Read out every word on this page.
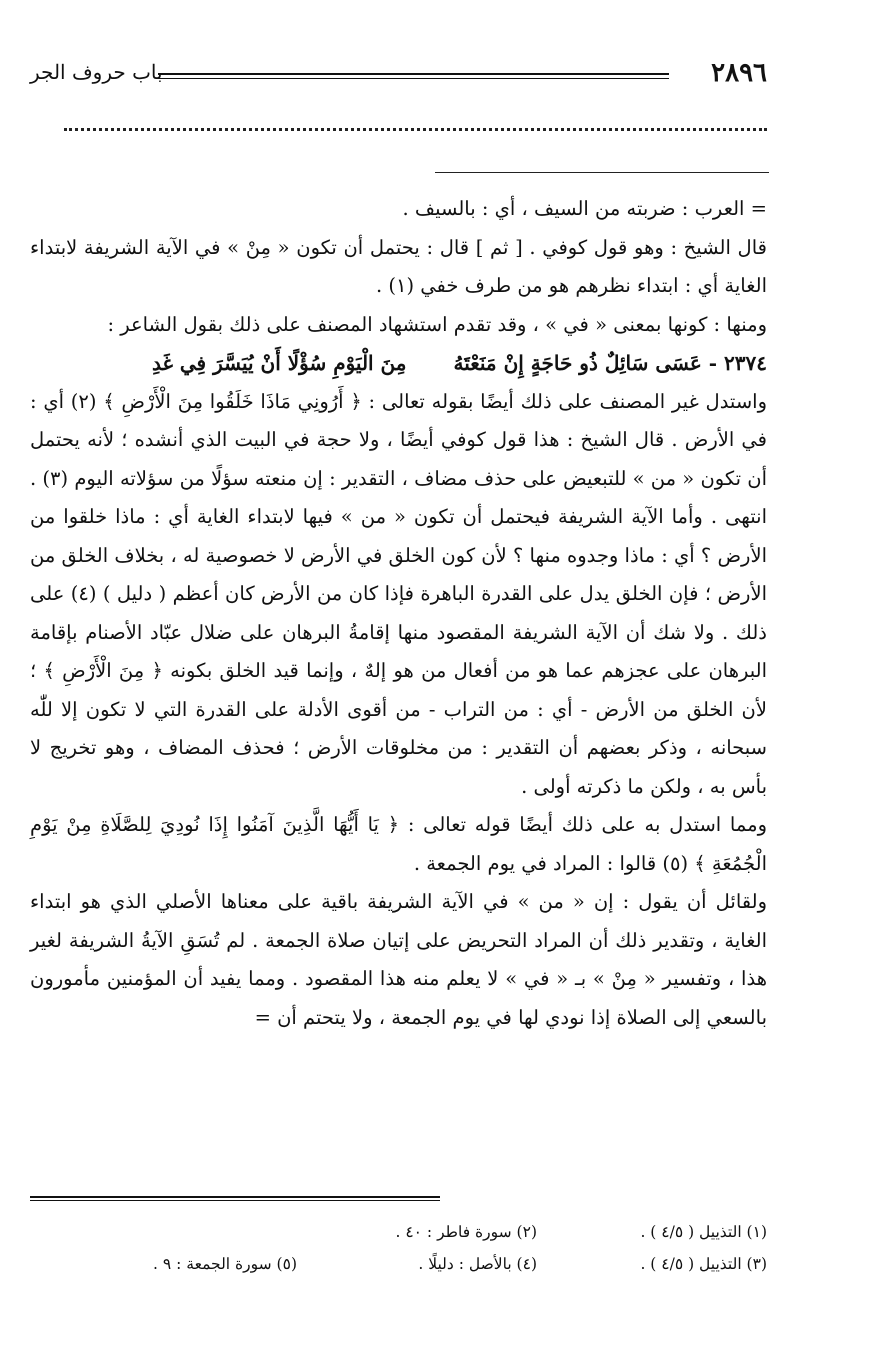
٢٨٩٦
باب حروف الجر

= العرب : ضربته من السيف ، أي : بالسيف .

قال الشيخ : وهو قول كوفي . [ ثم ] قال : يحتمل أن تكون « مِنْ » في الآية الشريفة لابتداء الغاية أي : ابتداء نظرهم هو من طرف خفي (١) .

ومنها : كونها بمعنى « في » ، وقد تقدم استشهاد المصنف على ذلك بقول الشاعر :

٢٣٧٤ - عَسَى سَائِلٌ ذُو حَاجَةٍ إِنْ مَنَعْتَهُ مِنَ الْيَوْمِ سُؤْلًا أَنْ يُيَسَّرَ فِي غَدِ

واستدل غير المصنف على ذلك أيضًا بقوله تعالى : ﴿ أَرُونِي مَاذَا خَلَقُوا مِنَ الْأَرْضِ ﴾ (٢) أي : في الأرض . قال الشيخ : هذا قول كوفي أيضًا ، ولا حجة في البيت الذي أنشده ؛ لأنه يحتمل أن تكون « من » للتبعيض على حذف مضاف ، التقدير : إن منعته سؤلًا من سؤلاته اليوم (٣) . انتهى . وأما الآية الشريفة فيحتمل أن تكون « من » فيها لابتداء الغاية أي : ماذا خلقوا من الأرض ؟ أي : ماذا وجدوه منها ؟ لأن كون الخلق في الأرض لا خصوصية له ، بخلاف الخلق من الأرض ؛ فإن الخلق يدل على القدرة الباهرة فإذا كان من الأرض كان أعظم ( دليل ) (٤) على ذلك . ولا شك أن الآية الشريفة المقصود منها إقامةُ البرهان على ضلال عبّاد الأصنام بإقامة البرهان على عجزهم عما هو من أفعال من هو إلهٌ ، وإنما قيد الخلق بكونه ﴿ مِنَ الْأَرْضِ ﴾ ؛ لأن الخلق من الأرض - أي : من التراب - من أقوى الأدلة على القدرة التي لا تكون إلا للّٰه سبحانه ، وذكر بعضهم أن التقدير : من مخلوقات الأرض ؛ فحذف المضاف ، وهو تخريج لا بأس به ، ولكن ما ذكرته أولى .

ومما استدل به على ذلك أيضًا قوله تعالى : ﴿ يَا أَيُّهَا الَّذِينَ آمَنُوا إِذَا نُودِيَ لِلصَّلَاةِ مِنْ يَوْمِ الْجُمُعَةِ ﴾ (٥) قالوا : المراد في يوم الجمعة .

ولقائل أن يقول : إن « من » في الآية الشريفة باقية على معناها الأصلي الذي هو ابتداء الغاية ، وتقدير ذلك أن المراد التحريض على إتيان صلاة الجمعة . لم تُسَقِ الآيةُ الشريفة لغير هذا ، وتفسير « مِنْ » بـ « في » لا يعلم منه هذا المقصود . ومما يفيد أن المؤمنين مأمورون بالسعي إلى الصلاة إذا نودي لها في يوم الجمعة ، ولا يتحتم أن =

(١) التذييل ( ٤/٥ ) .
(٢) سورة فاطر : ٤٠ .
(٣) التذييل ( ٤/٥ ) .
(٤) بالأصل : دليلًا .
(٥) سورة الجمعة : ٩ .
